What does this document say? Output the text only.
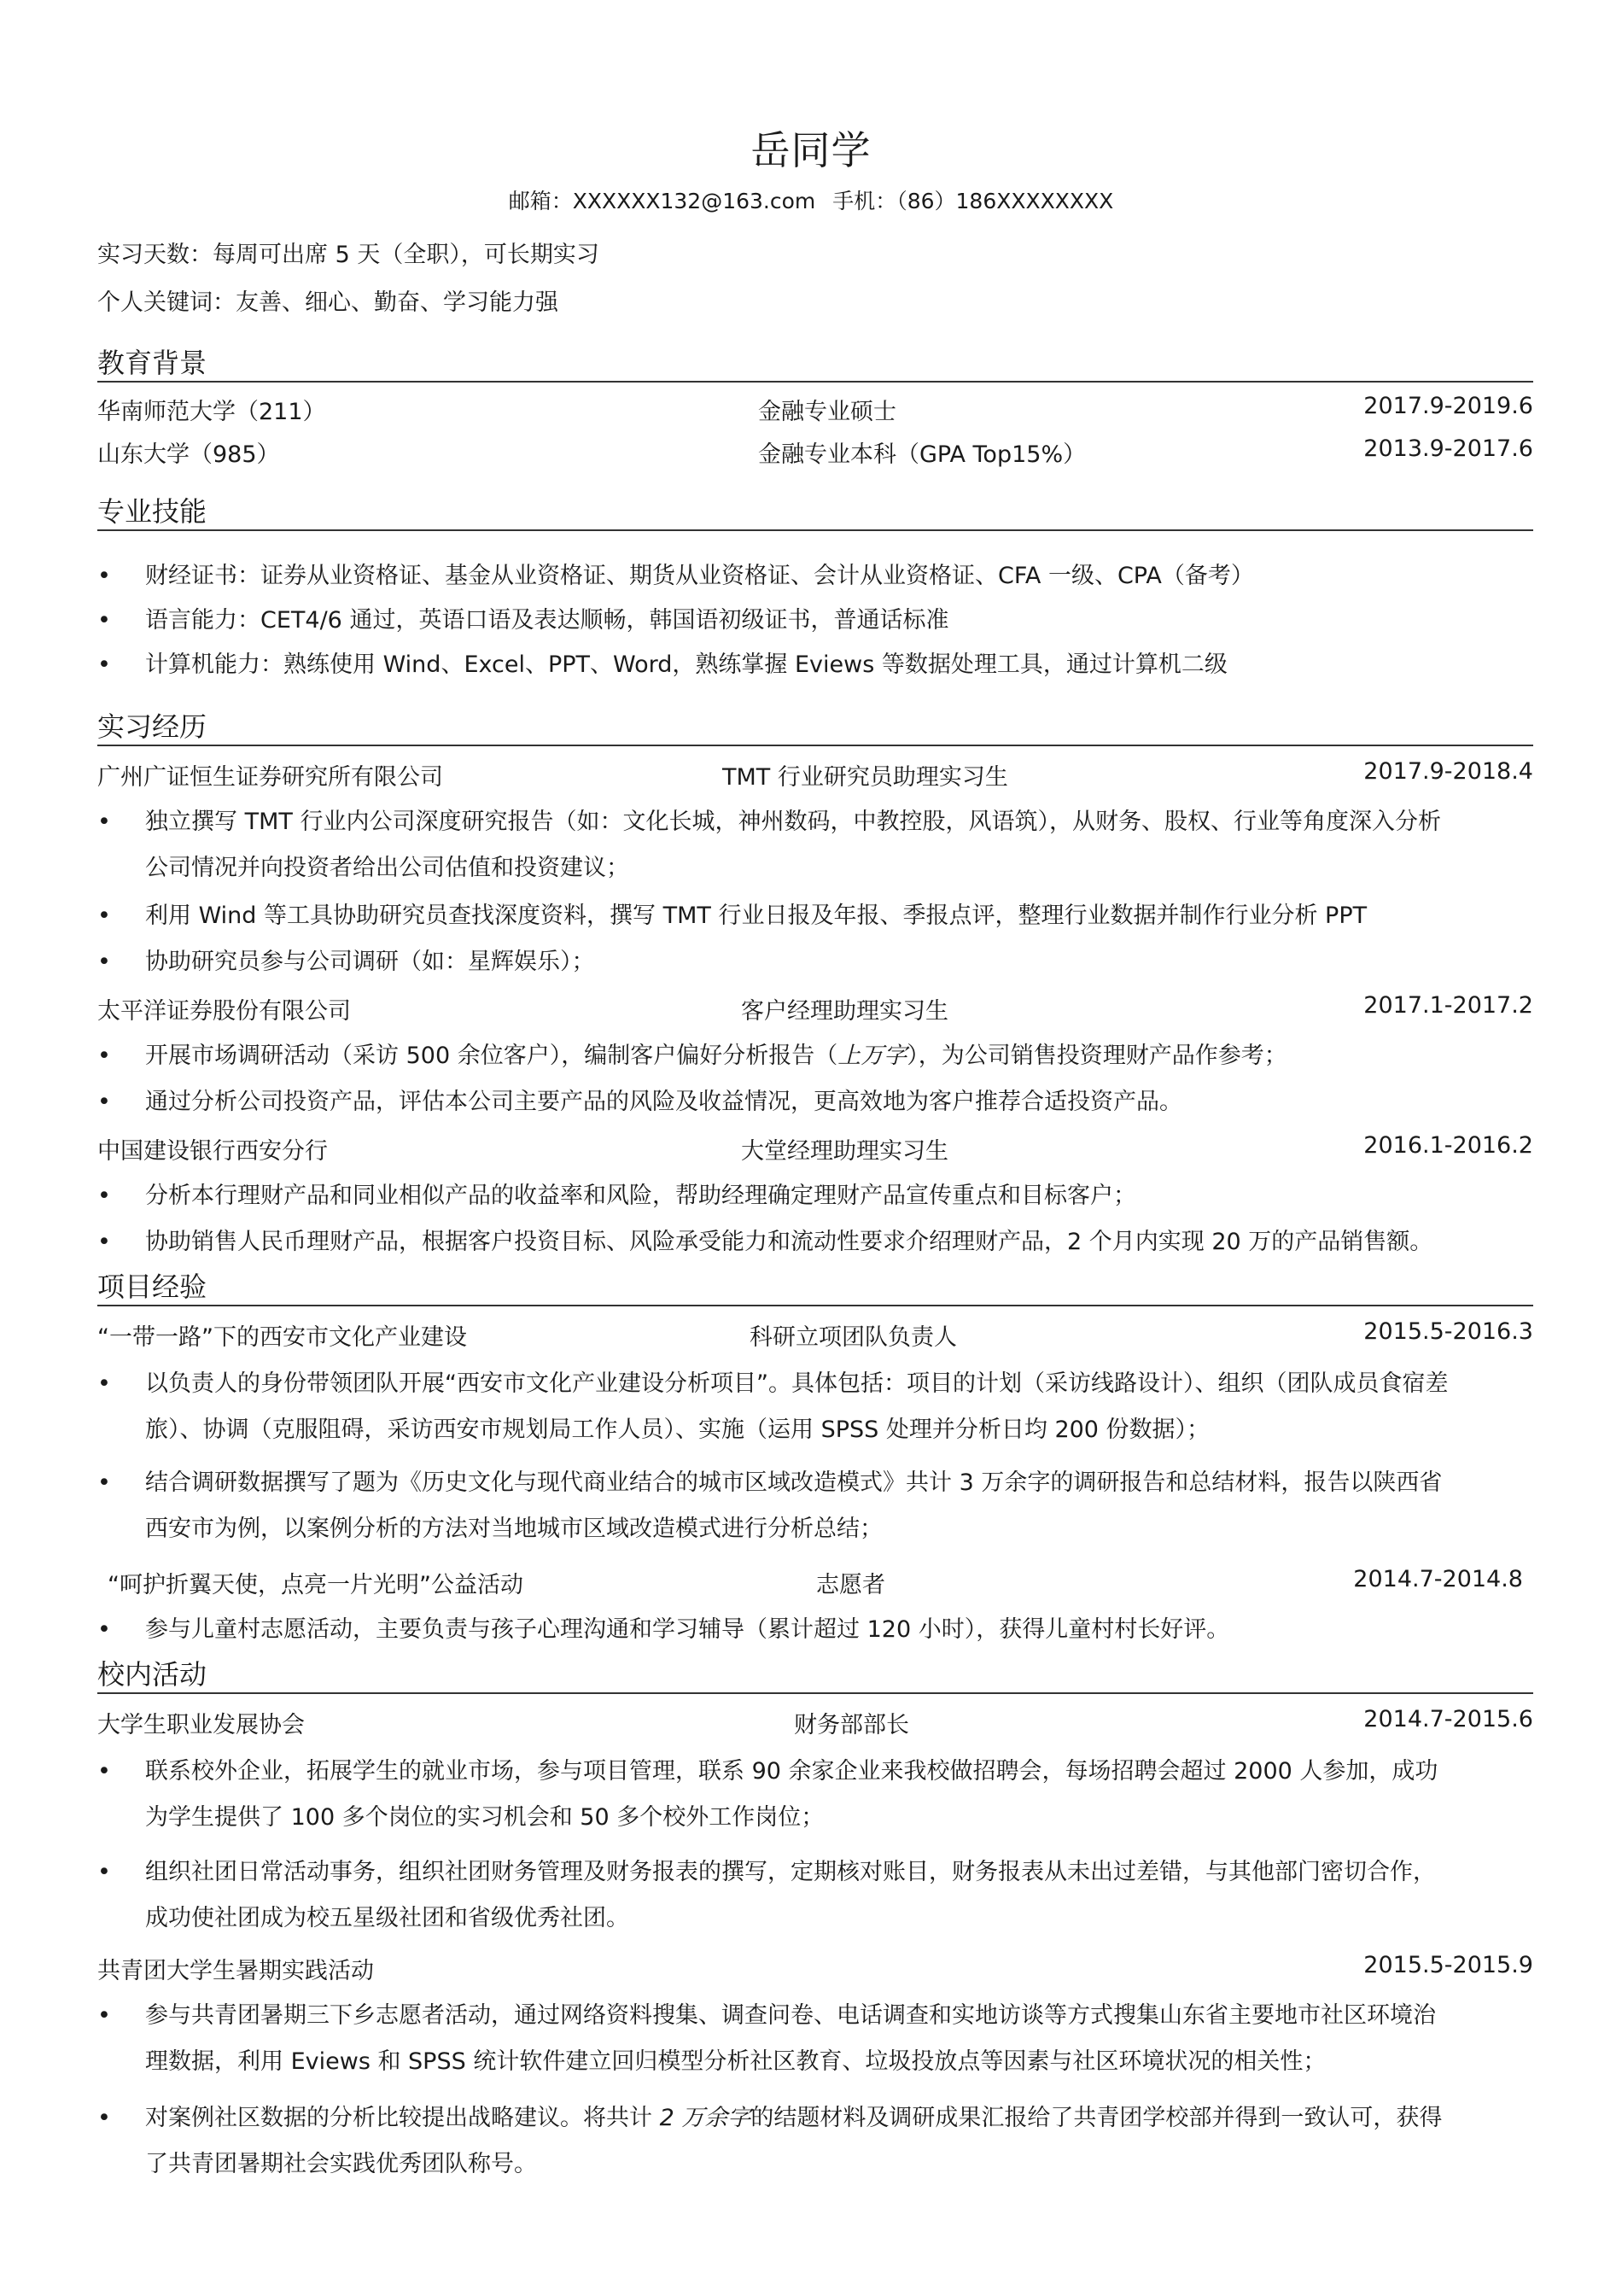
岳同学
邮箱：XXXXXX132@163.com 手机：（86）186XXXXXXXX
实习天数：每周可出席 5 天（全职），可长期实习
个人关键词：友善、细心、勤奋、学习能力强
教育背景
华南师范大学（211）	金融专业硕士	2017.9-2019.6
山东大学（985）	金融专业本科（GPA Top15%）	2013.9-2017.6
专业技能
•	财经证书：证券从业资格证、基金从业资格证、期货从业资格证、会计从业资格证、CFA 一级、CPA（备考）
•	语言能力：CET4/6 通过，英语口语及表达顺畅，韩国语初级证书，普通话标准
•	计算机能力：熟练使用 Wind、Excel、PPT、Word，熟练掌握 Eviews 等数据处理工具，通过计算机二级
实习经历
广州广证恒生证券研究所有限公司	TMT 行业研究员助理实习生	2017.9-2018.4
•	独立撰写 TMT 行业内公司深度研究报告（如：文化长城，神州数码，中教控股，风语筑），从财务、股权、行业等角度深入分析
公司情况并向投资者给出公司估值和投资建议；
•	利用 Wind 等工具协助研究员查找深度资料，撰写 TMT 行业日报及年报、季报点评，整理行业数据并制作行业分析 PPT
•	协助研究员参与公司调研（如：星辉娱乐）；
太平洋证券股份有限公司	客户经理助理实习生	2017.1-2017.2
•	开展市场调研活动（采访 500 余位客户），编制客户偏好分析报告（上万字），为公司销售投资理财产品作参考；
•	通过分析公司投资产品，评估本公司主要产品的风险及收益情况，更高效地为客户推荐合适投资产品。
中国建设银行西安分行	大堂经理助理实习生	2016.1-2016.2
•	分析本行理财产品和同业相似产品的收益率和风险，帮助经理确定理财产品宣传重点和目标客户；
•	协助销售人民币理财产品，根据客户投资目标、风险承受能力和流动性要求介绍理财产品，2 个月内实现 20 万的产品销售额。
项目经验
“一带一路”下的西安市文化产业建设	科研立项团队负责人	2015.5-2016.3
•	以负责人的身份带领团队开展“西安市文化产业建设分析项目”。具体包括：项目的计划（采访线路设计）、组织（团队成员食宿差
旅）、协调（克服阻碍，采访西安市规划局工作人员）、实施（运用 SPSS 处理并分析日均 200 份数据）；
•	结合调研数据撰写了题为《历史文化与现代商业结合的城市区域改造模式》共计 3 万余字的调研报告和总结材料，报告以陕西省
西安市为例，以案例分析的方法对当地城市区域改造模式进行分析总结；
“呵护折翼天使，点亮一片光明”公益活动	志愿者	2014.7-2014.8
•	参与儿童村志愿活动，主要负责与孩子心理沟通和学习辅导（累计超过 120 小时），获得儿童村村长好评。
校内活动
大学生职业发展协会	财务部部长	2014.7-2015.6
•	联系校外企业，拓展学生的就业市场，参与项目管理，联系 90 余家企业来我校做招聘会，每场招聘会超过 2000 人参加，成功
为学生提供了 100 多个岗位的实习机会和 50 多个校外工作岗位；
•	组织社团日常活动事务，组织社团财务管理及财务报表的撰写，定期核对账目，财务报表从未出过差错，与其他部门密切合作，
成功使社团成为校五星级社团和省级优秀社团。
共青团大学生暑期实践活动	2015.5-2015.9
•	参与共青团暑期三下乡志愿者活动，通过网络资料搜集、调查问卷、电话调查和实地访谈等方式搜集山东省主要地市社区环境治
理数据，利用 Eviews 和 SPSS 统计软件建立回归模型分析社区教育、垃圾投放点等因素与社区环境状况的相关性；
•	对案例社区数据的分析比较提出战略建议。将共计 2 万余字的结题材料及调研成果汇报给了共青团学校部并得到一致认可，获得
了共青团暑期社会实践优秀团队称号。
